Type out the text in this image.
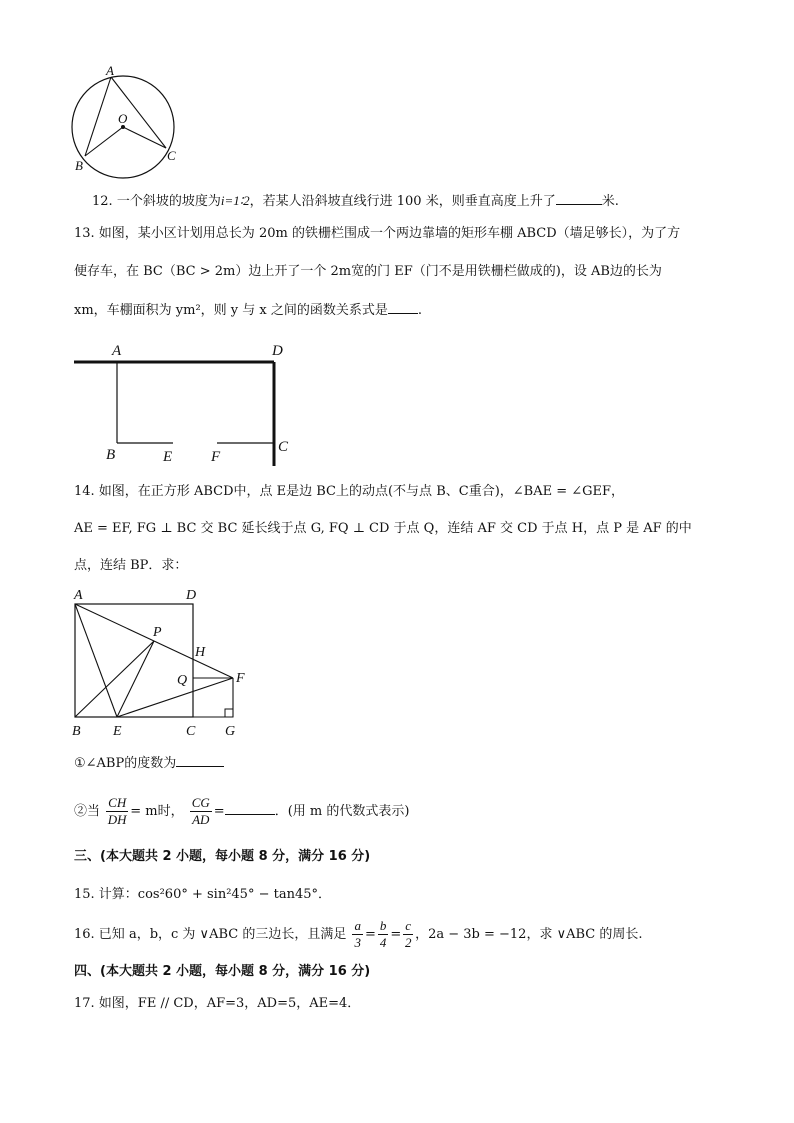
A
O
B
C
12. 一个斜坡的坡度为i=1∶2，若某人沿斜坡直线行进 100 米，则垂直高度上升了	米.
13. 如图，某小区计划用总长为 20m 的铁栅栏围成一个两边靠墙的矩形车棚 ABCD（墙足够长），为了方
便存车，在 BC（BC > 2m）边上开了一个 2m宽的门 EF（门不是用铁栅栏做成的)，设 AB边的长为
xm，车棚面积为 ym²，则 y 与 x 之间的函数关系式是 .
A	D
B	E	F
C
14. 如图，在正方形 ABCD中，点 E是边 BC上的动点(不与点 B、C重合)，∠BAE = ∠GEF，
AE = EF, FG ⊥ BC 交 BC 延长线于点 G, FQ ⊥ CD 于点 Q，连结 AF 交 CD 于点 H，点 P 是 AF 的中
点，连结 BP．求：
A	D
P
H
Q	F
B E	C G
①∠ABP的度数为
②当 $\frac{CH}{DH} = m$时， $\frac{CG}{AD}$ =	．(用 m 的代数式表示)
三、(本大题共 2 小题，每小题 8 分，满分 16 分)
15. 计算：cos²60° + sin²45° − tan45°．
16. 已知 a，b，c 为 ∨ABC 的三边长，且满足 $\frac{a}{3} = \frac{b}{4} = \frac{c}{2}$ ，2a − 3b = −12，求 ∨ABC 的周长.
四、(本大题共 2 小题，每小题 8 分，满分 16 分)
17. 如图，FE // CD，AF=3，AD=5，AE=4．
